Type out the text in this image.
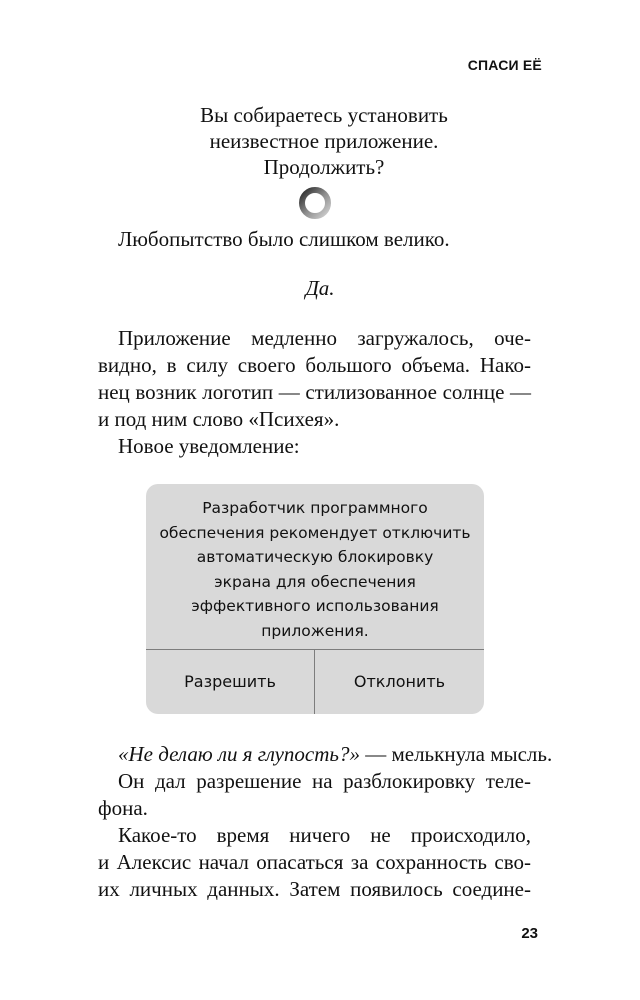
СПАСИ ЕЁ
Вы собираетесь установить
неизвестное приложение.
Продолжить?
Любопытство было слишком велико.
Да.
Приложение медленно загружалось, оче-
видно, в силу своего большого объема. Нако-
нец возник логотип — стилизованное солнце —
и под ним слово «Психея».
Новое уведомление:
Разработчик программного
обеспечения рекомендует отключить
автоматическую блокировку
экрана для обеспечения
эффективного использования
приложения.
Разрешить	Отклонить
«Не делаю ли я глупость?» — мелькнула мысль.
Он дал разрешение на разблокировку теле-
фона.
Какое-то время ничего не происходило,
и Алексис начал опасаться за сохранность сво-
их личных данных. Затем появилось соедине-
23
